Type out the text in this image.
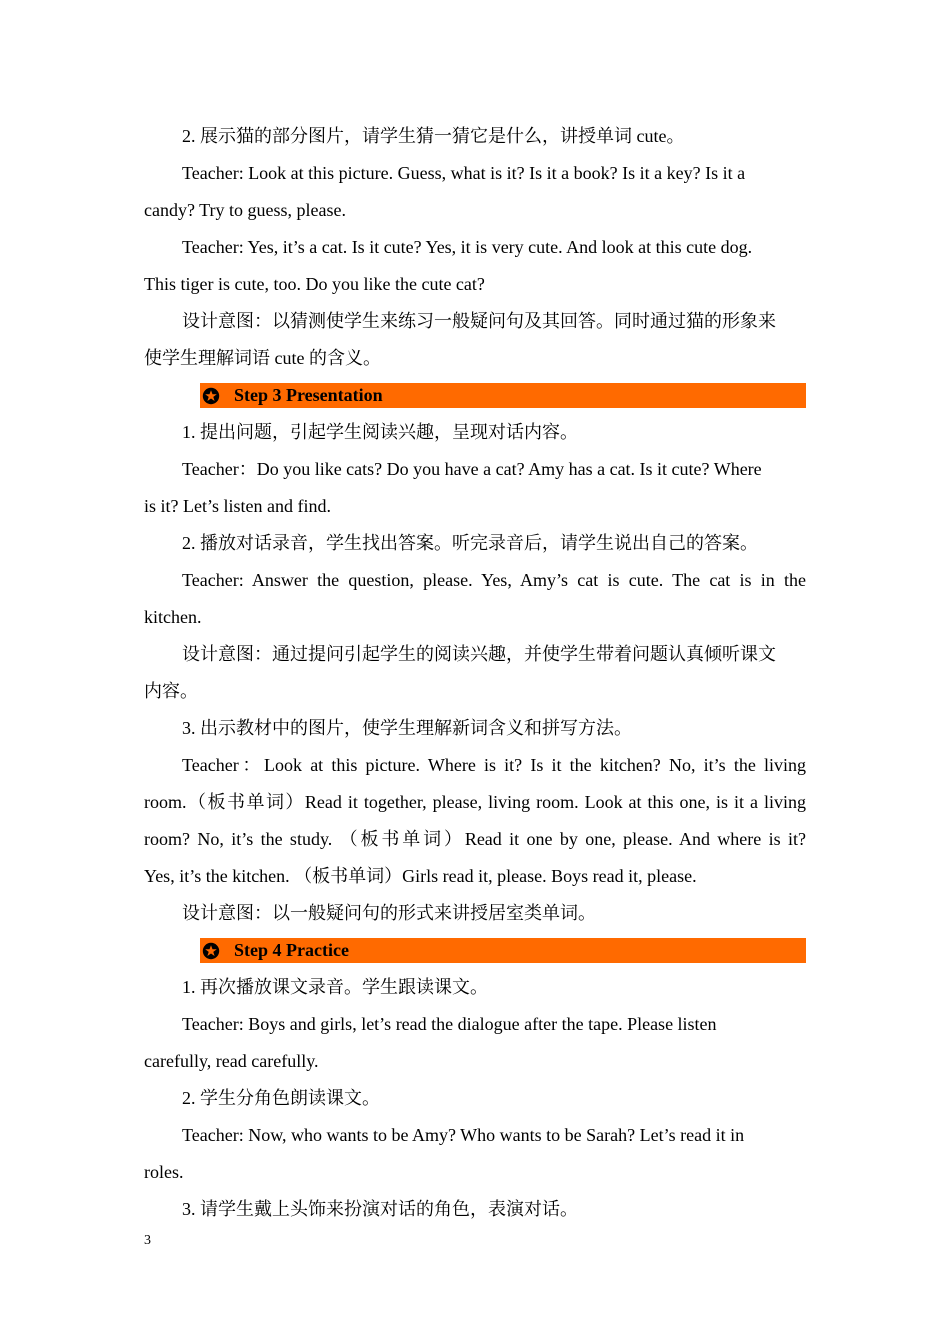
2. 展示猫的部分图片，请学生猜一猜它是什么，讲授单词 cute。
Teacher: Look at this picture. Guess, what is it? Is it a book? Is it a key? Is it a
candy? Try to guess, please.
Teacher: Yes, it’s a cat. Is it cute? Yes, it is very cute. And look at this cute dog.
This tiger is cute, too. Do you like the cute cat?
设计意图：以猜测使学生来练习一般疑问句及其回答。同时通过猫的形象来
使学生理解词语 cute 的含义。
Step 3 Presentation
1. 提出问题，引起学生阅读兴趣，呈现对话内容。
Teacher：Do you like cats? Do you have a cat? Amy has a cat. Is it cute? Where
is it? Let’s listen and find.
2. 播放对话录音，学生找出答案。听完录音后，请学生说出自己的答案。
Teacher: Answer the question, please. Yes, Amy’s cat is cute. The cat is in the
kitchen.
设计意图：通过提问引起学生的阅读兴趣，并使学生带着问题认真倾听课文
内容。
3. 出示教材中的图片，使学生理解新词含义和拼写方法。
Teacher：Look at this picture. Where is it? Is it the kitchen? No, it’s the living
room.（板书单词）Read it together, please, living room. Look at this one, is it a living
room? No, it’s the study. （板书单词）Read it one by one, please. And where is it?
Yes, it’s the kitchen. （板书单词）Girls read it, please. Boys read it, please.
设计意图：以一般疑问句的形式来讲授居室类单词。
Step 4 Practice
1. 再次播放课文录音。学生跟读课文。
Teacher: Boys and girls, let’s read the dialogue after the tape. Please listen
carefully, read carefully.
2. 学生分角色朗读课文。
Teacher: Now, who wants to be Amy? Who wants to be Sarah? Let’s read it in
roles.
3. 请学生戴上头饰来扮演对话的角色，表演对话。
3
